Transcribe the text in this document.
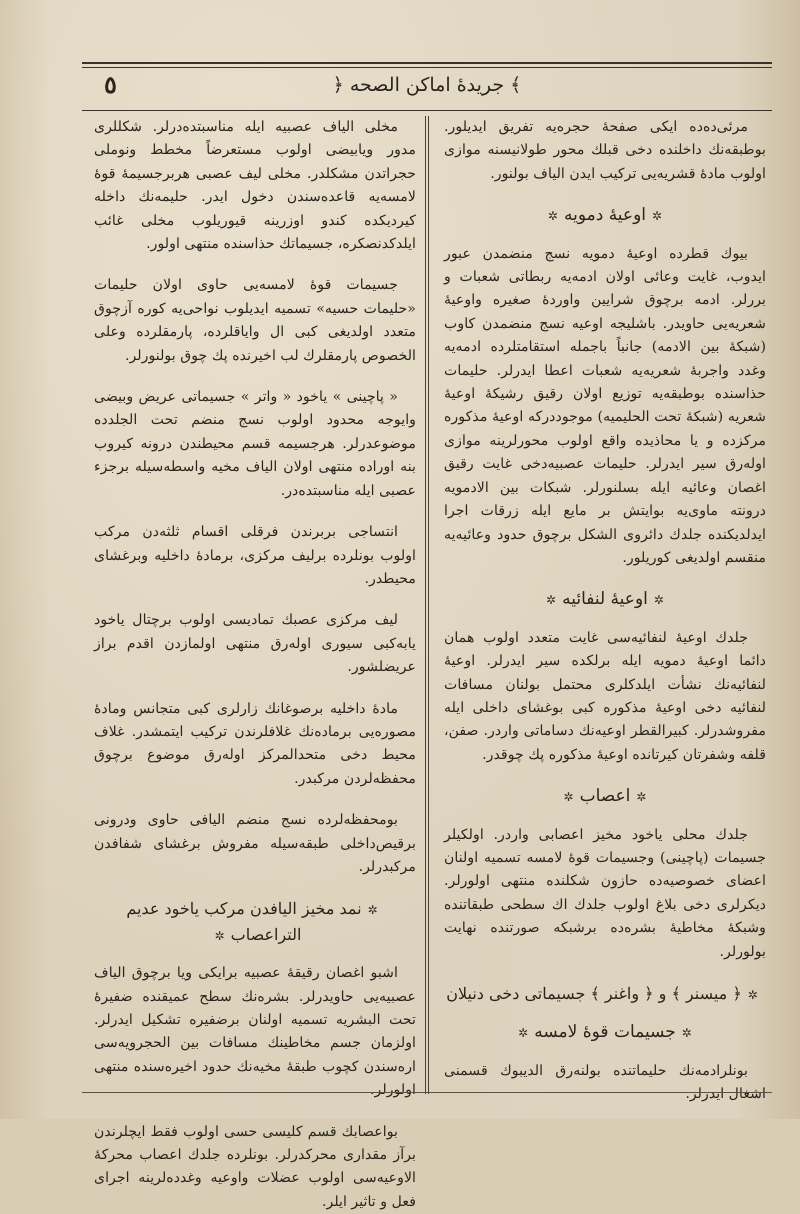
٥	﴿ جريدهٔ اماكن الصحه ﴾

مرئی‌ده‌ده ایكی صفحهٔ حجره‌یه تفریق ایدیلور. بوطبقه‌نك داخلنده دخی قبلك محور طولانیسنه موازی اولوب مادهٔ قشریه‌یی تركیب ایدن الیاف بولنور.

✲اوعیهٔ دمویه✲

بیوك قطرده اوعیهٔ دمویه نسج منضمدن عبور ایدوب، غایت وعائی اولان ادمه‌یه ربطاتی شعبات و بررلر. ادمه برچوق شرایین واوردهٔ صغیره واوعیهٔ شعریه‌یی حاویدر. باشلیجه اوعیه نسج منضمدن كاوب (شبكهٔ بین الادمه) جانباً باجمله استقامتلرده ادمه‌یه وغدد واجربهٔ شعریه‌یه شعبات اعطا ایدرلر. حلیمات حذاسنده بوطبقه‌یه توزیع اولان رقیق رشیكهٔ اوعیهٔ شعریه (شبكهٔ تحت الحلیمیه) موجوددركه اوعیهٔ مذكوره مركزده و یا محاذیده واقع اولوب محورلرینه موازی اولەرق سیر ایدرلر. حلیمات عصبیه‌دخی غایت رقیق اغصان وعائیه ایله بسلنورلر. شبكات بین الادمویه درونته ماوی‌یه بوایتش بر مایع ایله زرقات اجرا ایدلدیكنده جلدك دائروی الشكل برچوق حدود وعائیه‌یه منقسم اولدیغی كوریلور.

✲اوعیهٔ لنفائیه✲

جلدك اوعیهٔ لنفائیه‌سی غایت متعدد اولوب همان دائما اوعیهٔ دمویه ایله برلكده سیر ایدرلر. اوعیهٔ لنفائیه‌نك نشأت ایلدكلری محتمل بولنان مسافات لنفائیه دخی اوعیهٔ مذكوره كبی بوغشای داخلی ایله مفروشدرلر. كبیرالقطر اوعیه‌نك دساماتی واردر. صفن، قلفه وشفرتان كیرتانده اوعیهٔ مذكوره پك چوقدر.

✲اعصاب✲

جلدك محلی یاخود مخیز اعصابی واردر. اولكیلر جسیمات (پاچینی) وجسیمات قوهٔ لامسه تسمیه اولنان اعضای خصوصیه‌ده حازون شكلنده منتهی اولورلر. دیكرلری دخی بلاغ اولوب جلدك اك سطحی طبقاتنده وشبكهٔ مخاطیهٔ بشره‌ده برشبكه صورتنده نهایت بولورلر.

✲﴿ میسنر ﴾ و ﴿ واغنر ﴾ جسیماتی دخی دنیلان
✲جسیمات قوهٔ لامسه✲

بونلرادمه‌نك حلیماتنده بولنەرق الدیبوك قسمنی اشغال ایدرلر.

مخلی الیاف عصبیه ایله مناسبتده‌درلر. شكللری مدور ویابیضی اولوب مستعرضاً مخطط ونوملی حجراتدن مشكلدر. مخلی لیف عصبی هربرجسیمهٔ قوهٔ لامسه‌یه قاعده‌سندن دخول ایدر. حلیمه‌نك داخله كیردیكده كندو اوزرینه قیوریلوب مخلی غائب ایلدكدنصكره، جسیماتك حذاسنده منتهی اولور.

جسیمات قوهٔ لامسه‌یی حاوی اولان حلیمات «حلیمات حسیه» تسمیه ایدیلوب نواحی‌یه كوره آزچوق متعدد اولدیغی كبی ال وایاقلرده، پارمقلرده وعلی الخصوص پارمقلرك لب اخیرنده پك چوق بولنورلر.

« پاچینی » یاخود « واتر » جسیماتی عریض وبیضی وایوجه محدود اولوب نسج منضم تحت الجلدده موضوعدرلر. هرجسیمه قسم محیطندن درونه كیروب بنه اوراده منتهی اولان الیاف مخیه واسطه‌سیله برجزء عصبی ایله مناسبتده‌در.

انتساجی بربرندن فرقلی اقسام ثلثه‌دن مركب اولوب بونلرده برلیف مركزی، برمادهٔ داخلیه وبرغشای محیطدر.

لیف مركزی عصبك تمادیسی اولوب برچتال یاخود یابه‌كبی سیوری اولەرق منتهی اولمازدن اقدم براز عریضلشور.

مادهٔ داخلیه برصوغانك زارلری كبی متجانس ومادهٔ مصوره‌یی برماده‌نك غلافلرندن تركیب ایتمشدر. غلاف محیط دخی متحدالمركز اولەرق موضوع برچوق محفظه‌لردن مركبدر.

بومحفظه‌لرده نسج منضم الیافی حاوی ودرونی برقیص‌داخلی طبقه‌سیله مفروش برغشای شفافدن مركبدرلر.

✲نمد مخیز الیافدن مركب یاخود عدیم التراعصاب✲

اشبو اغصان رقیقهٔ عصبیه برایكی ویا برچوق الیاف عصبیه‌یی حاویدرلر. بشره‌نك سطح عمیقنده ضفیرهٔ تحت البشریه تسمیه اولنان برضفیره تشكیل ایدرلر. اولزمان جسم مخاطینك مسافات بین الحجرویه‌سی اره‌سندن كچوب طبقهٔ مخیه‌نك حدود اخیره‌سنده منتهی اولورلر.

بواعصابك قسم كلیسی حسی اولوب فقط ایچلرندن برآز مقداری محركدرلر. بونلرده جلدك اعصاب محركهٔ الاوعیه‌سی اولوب عضلات واوعیه وغدده‌لرینه اجرای فعل و تاثیر ایلر.
